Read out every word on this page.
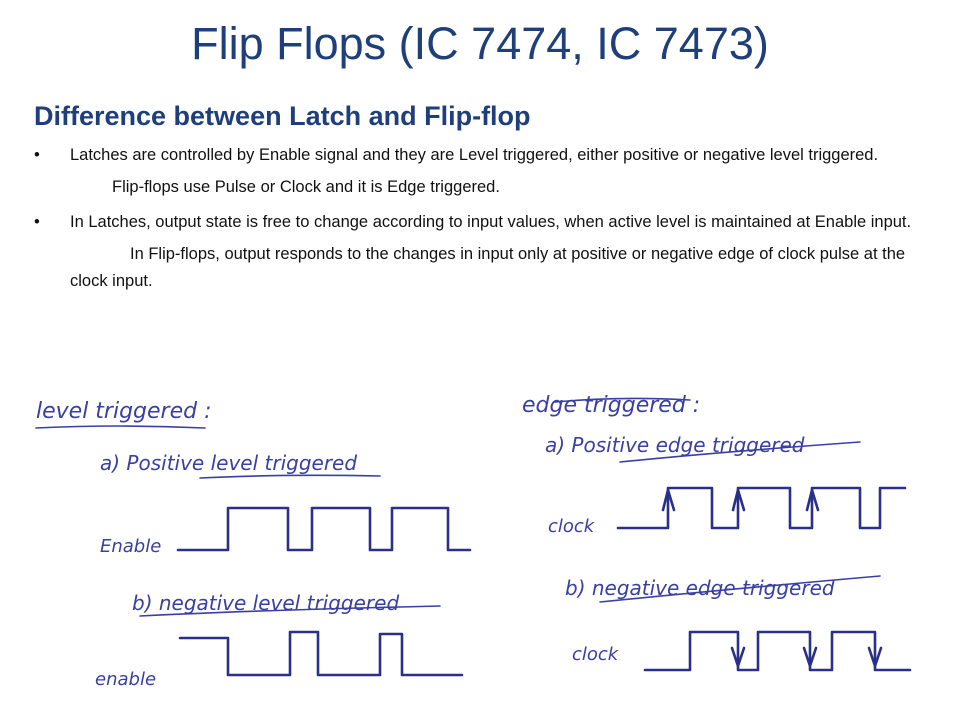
Flip Flops (IC 7474, IC 7473)
Difference between Latch and Flip-flop
• Latches are controlled by Enable signal and they are Level triggered, either positive or negative level triggered.
Flip-flops use Pulse or Clock and it is Edge triggered.
• In Latches, output state is free to change according to input values, when active level is maintained at Enable input.
In Flip-flops, output responds to the changes in input only at positive or negative edge of clock pulse at the clock input.
level triggered :
a) Positive level triggered
Enable
b) negative level triggered
enable
edge triggered :
a) Positive edge triggered
clock
b) negative edge triggered
clock
